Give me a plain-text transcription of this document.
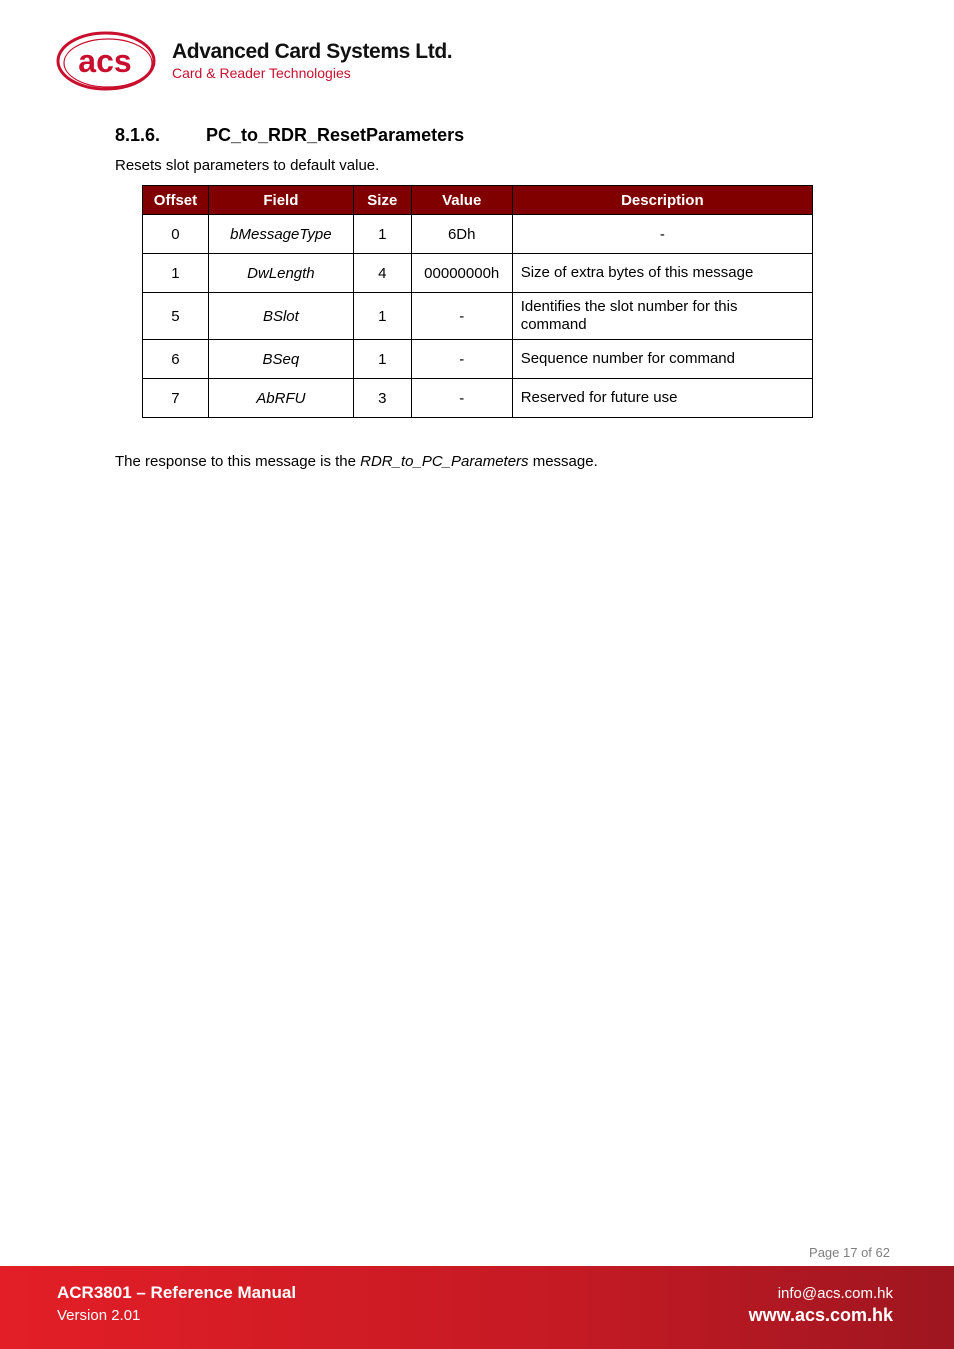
acs Advanced Card Systems Ltd.
Card & Reader Technologies
8.1.6.	PC_to_RDR_ResetParameters
Resets slot parameters to default value.
Offset	Field	Size	Value	Description
0	bMessageType	1	6Dh	-
1	DwLength	4	00000000h	Size of extra bytes of this message
5	BSlot	1	-	Identifies the slot number for this command
6	BSeq	1	-	Sequence number for command
7	AbRFU	3	-	Reserved for future use
The response to this message is the RDR_to_PC_Parameters message.
Page 17 of 62
ACR3801 – Reference Manual
Version 2.01
info@acs.com.hk
www.acs.com.hk
